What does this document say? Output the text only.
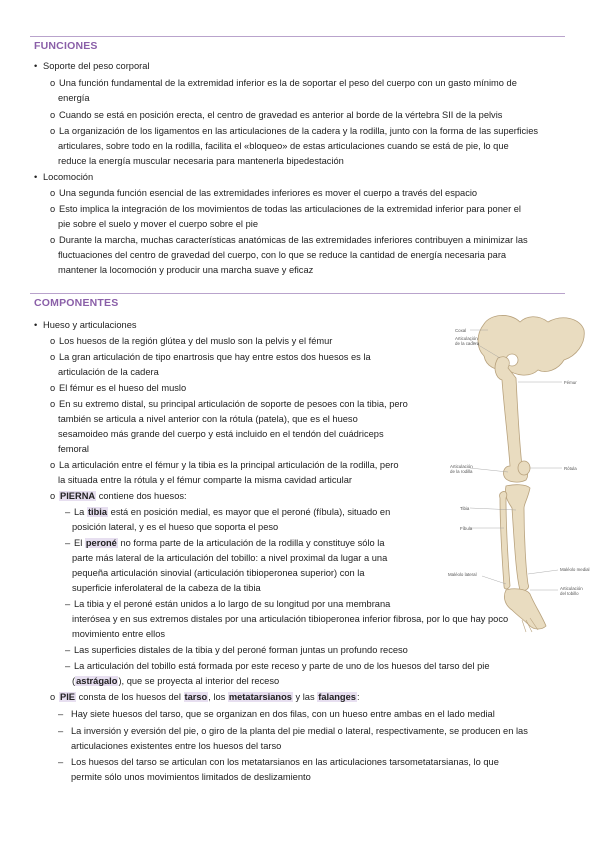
FUNCIONES
• Soporte del peso corporal
o Una función fundamental de la extremidad inferior es la de soportar el peso del cuerpo con un gasto mínimo de
energía
o Cuando se está en posición erecta, el centro de gravedad es anterior al borde de la vértebra SII de la pelvis
o La organización de los ligamentos en las articulaciones de la cadera y la rodilla, junto con la forma de las superficies
articulares, sobre todo en la rodilla, facilita el «bloqueo» de estas articulaciones cuando se está de pie, lo que
reduce la energía muscular necesaria para mantenerla bipedestación
• Locomoción
o Una segunda función esencial de las extremidades inferiores es mover el cuerpo a través del espacio
o Esto implica la integración de los movimientos de todas las articulaciones de la extremidad inferior para poner el
pie sobre el suelo y mover el cuerpo sobre el pie
o Durante la marcha, muchas características anatómicas de las extremidades inferiores contribuyen a minimizar las
fluctuaciones del centro de gravedad del cuerpo, con lo que se reduce la cantidad de energía necesaria para
mantener la locomoción y producir una marcha suave y eficaz
COMPONENTES
• Hueso y articulaciones
o Los huesos de la región glútea y del muslo son la pelvis y el fémur
o La gran articulación de tipo enartrosis que hay entre estos dos huesos es la
articulación de la cadera
o El fémur es el hueso del muslo
o En su extremo distal, su principal articulación de soporte de pesoes con la tibia, pero
también se articula a nivel anterior con la rótula (patela), que es el hueso
sesamoideo más grande del cuerpo y está incluido en el tendón del cuádriceps
femoral
o La articulación entre el fémur y la tibia es la principal articulación de la rodilla, pero
la situada entre la rótula y el fémur comparte la misma cavidad articular
o PIERNA contiene dos huesos:
– La tibia está en posición medial, es mayor que el peroné (fíbula), situado en
posición lateral, y es el hueso que soporta el peso
– El peroné no forma parte de la articulación de la rodilla y constituye sólo la
parte más lateral de la articulación del tobillo: a nivel proximal da lugar a una
pequeña articulación sinovial (articulación tibioperonea superior) con la
superficie inferolateral de la cabeza de la tibia
– La tibia y el peroné están unidos a lo largo de su longitud por una membrana
interósea y en sus extremos distales por una articulación tibioperonea inferior fibrosa, por lo que hay poco
movimiento entre ellos
– Las superficies distales de la tibia y del peroné forman juntas un profundo receso
– La articulación del tobillo está formada por este receso y parte de uno de los huesos del tarso del pie
(astrágalo), que se proyecta al interior del receso
o PIE consta de los huesos del tarso, los metatarsianos y las falanges:
– Hay siete huesos del tarso, que se organizan en dos filas, con un hueso entre ambas en el lado medial
– La inversión y eversión del pie, o giro de la planta del pie medial o lateral, respectivamente, se producen en las
articulaciones existentes entre los huesos del tarso
– Los huesos del tarso se articulan con los metatarsianos en las articulaciones tarsometatarsianas, lo que
permite sólo unos movimientos limitados de deslizamiento
Coxal
Articulación
de la cadera
Fémur
Articulación
de la rodilla
Rótula
Tibia
Fíbula
Maléolo lateral
Maléolo medial
Articulación
del tobillo
